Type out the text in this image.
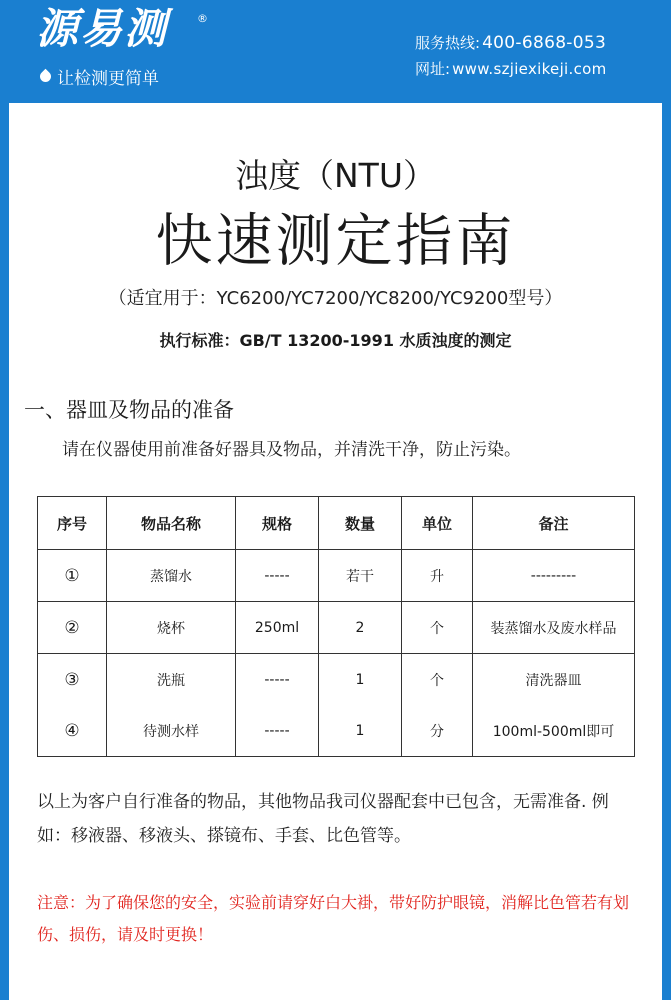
源易测	®
让检测更简单
服务热线: 400-6868-053
网址: www.szjiexikeji.com
浊度（NTU）
快速测定指南
（适宜用于：YC6200/YC7200/YC8200/YC9200型号）
执行标准：GB/T 13200-1991 水质浊度的测定
一、器皿及物品的准备
请在仪器使用前准备好器具及物品，并清洗干净，防止污染。
序号	物品名称	规格	数量	单位	备注
①	蒸馏水	-----	若干	升	---------
②	烧杯	250ml	2	个	装蒸馏水及废水样品
③	洗瓶	-----	1	个	清洗器皿
④	待测水样	-----	1	分	100ml-500ml即可
以上为客户自行准备的物品，其他物品我司仪器配套中已包含，无需准备. 例如：移液器、移液头、搽镜布、手套、比色管等。
注意：为了确保您的安全，实验前请穿好白大褂，带好防护眼镜，消解比色管若有划伤、损伤，请及时更换！
